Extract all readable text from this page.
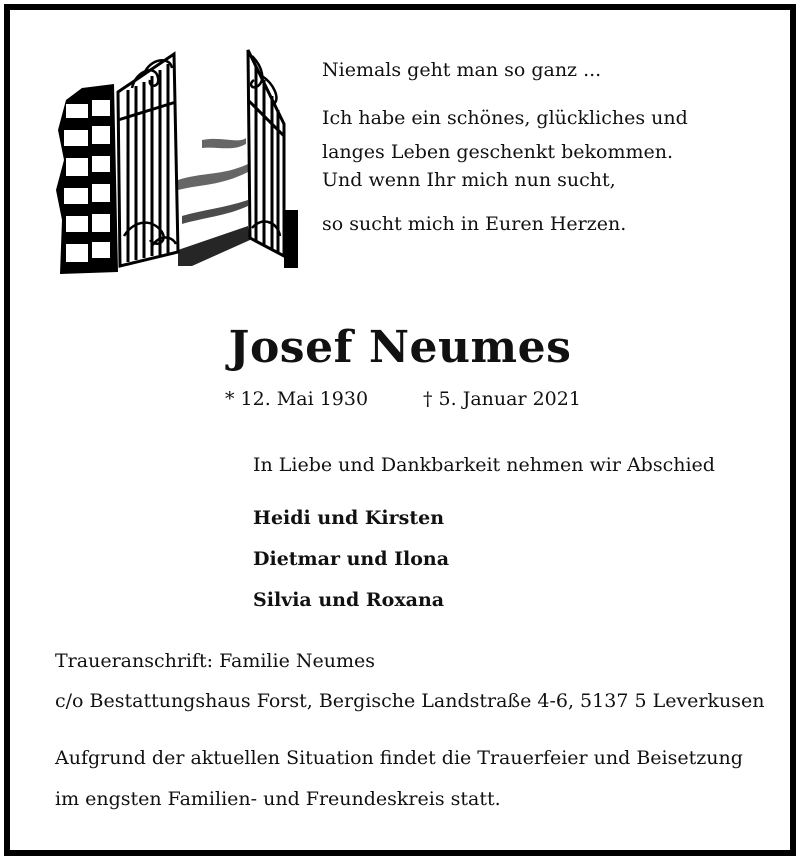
Niemals geht man so ganz ...
Ich habe ein schönes, glückliches und
langes Leben geschenkt bekommen.
Und wenn Ihr mich nun sucht,
so sucht mich in Euren Herzen.
Josef Neumes
* 12. Mai 1930	† 5. Januar 2021
In Liebe und Dankbarkeit nehmen wir Abschied
Heidi und Kirsten
Dietmar und Ilona
Silvia und Roxana
Traueranschrift: Familie Neumes
c/o Bestattungshaus Forst, Bergische Landstraße 4-6, 5137 5 Leverkusen
Aufgrund der aktuellen Situation findet die Trauerfeier und Beisetzung
im engsten Familien- und Freundeskreis statt.
